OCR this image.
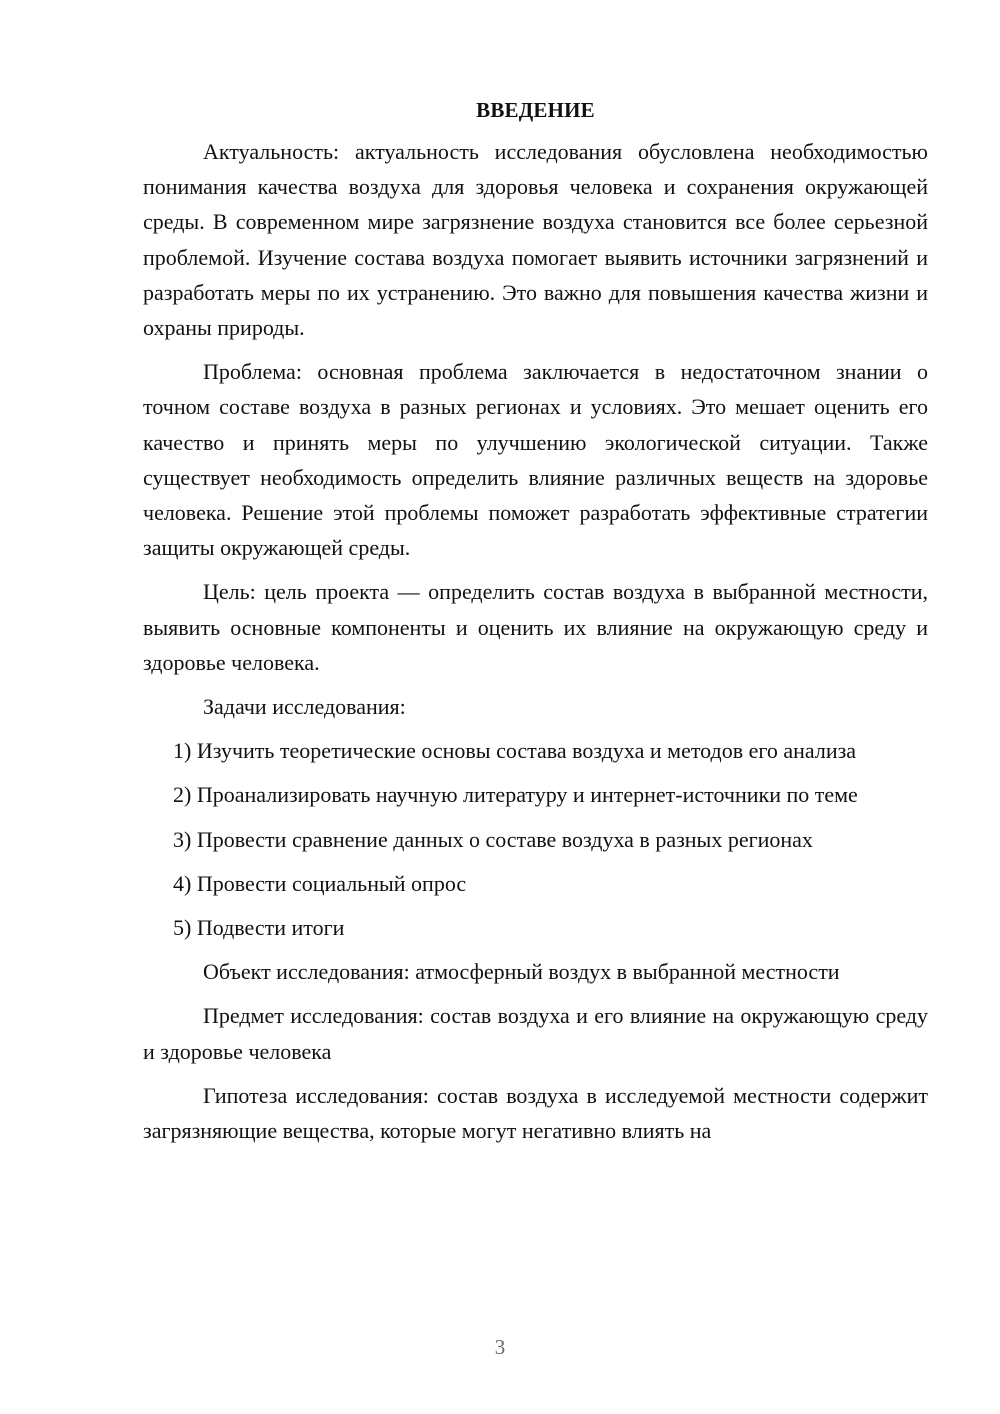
ВВЕДЕНИЕ

Актуальность: актуальность исследования обусловлена необходимостью понимания качества воздуха для здоровья человека и сохранения окружающей среды. В современном мире загрязнение воздуха становится все более серьезной проблемой. Изучение состава воздуха помогает выявить источники загрязнений и разработать меры по их устранению. Это важно для повышения качества жизни и охраны природы.

Проблема: основная проблема заключается в недостаточном знании о точном составе воздуха в разных регионах и условиях. Это мешает оценить его качество и принять меры по улучшению экологической ситуации. Также существует необходимость определить влияние различных веществ на здоровье человека. Решение этой проблемы поможет разработать эффективные стратегии защиты окружающей среды.

Цель: цель проекта — определить состав воздуха в выбранной местности, выявить основные компоненты и оценить их влияние на окружающую среду и здоровье человека.

Задачи исследования:

1) Изучить теоретические основы состава воздуха и методов его анализа

2) Проанализировать научную литературу и интернет-источники по теме

3) Провести сравнение данных о составе воздуха в разных регионах

4) Провести социальный опрос

5) Подвести итоги

Объект исследования: атмосферный воздух в выбранной местности

Предмет исследования: состав воздуха и его влияние на окружающую среду и здоровье человека

Гипотеза исследования: состав воздуха в исследуемой местности содержит загрязняющие вещества, которые могут негативно влиять на

3
